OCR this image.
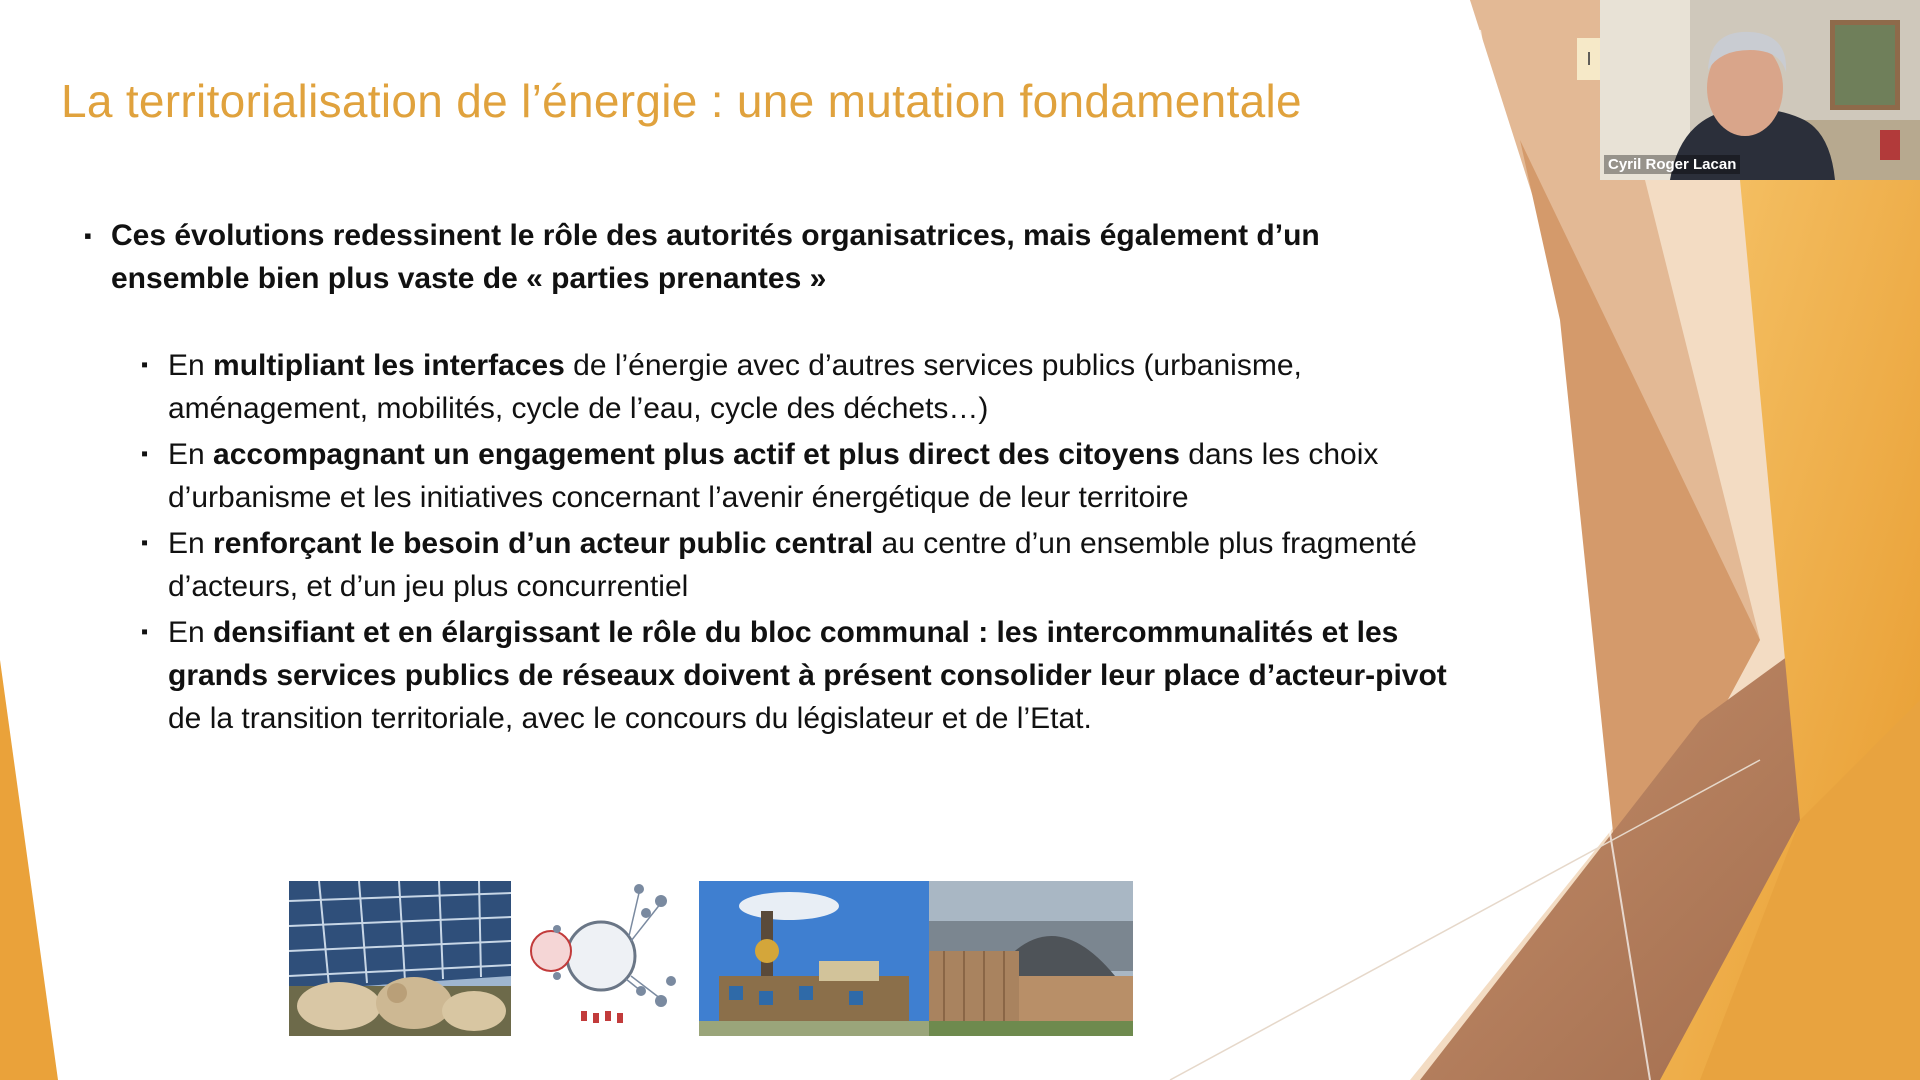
La territorialisation de l’énergie : une mutation fondamentale
▪ Ces évolutions redessinent le rôle des autorités organisatrices, mais également d’un ensemble bien plus vaste de « parties prenantes »
▪ En multipliant les interfaces de l’énergie avec d’autres services publics (urbanisme, aménagement, mobilités, cycle de l’eau, cycle des déchets…)
▪ En accompagnant un engagement plus actif et plus direct des citoyens dans les choix d’urbanisme et les initiatives concernant l’avenir énergétique de leur territoire
▪ En renforçant le besoin d’un acteur public central au centre d’un ensemble plus fragmenté d’acteurs, et d’un jeu plus concurrentiel
▪ En densifiant et en élargissant le rôle du bloc communal : les intercommunalités et les grands services publics de réseaux doivent à présent consolider leur place d’acteur-pivot de la transition territoriale, avec le concours du législateur et de l’Etat.
I
Cyril Roger Lacan
